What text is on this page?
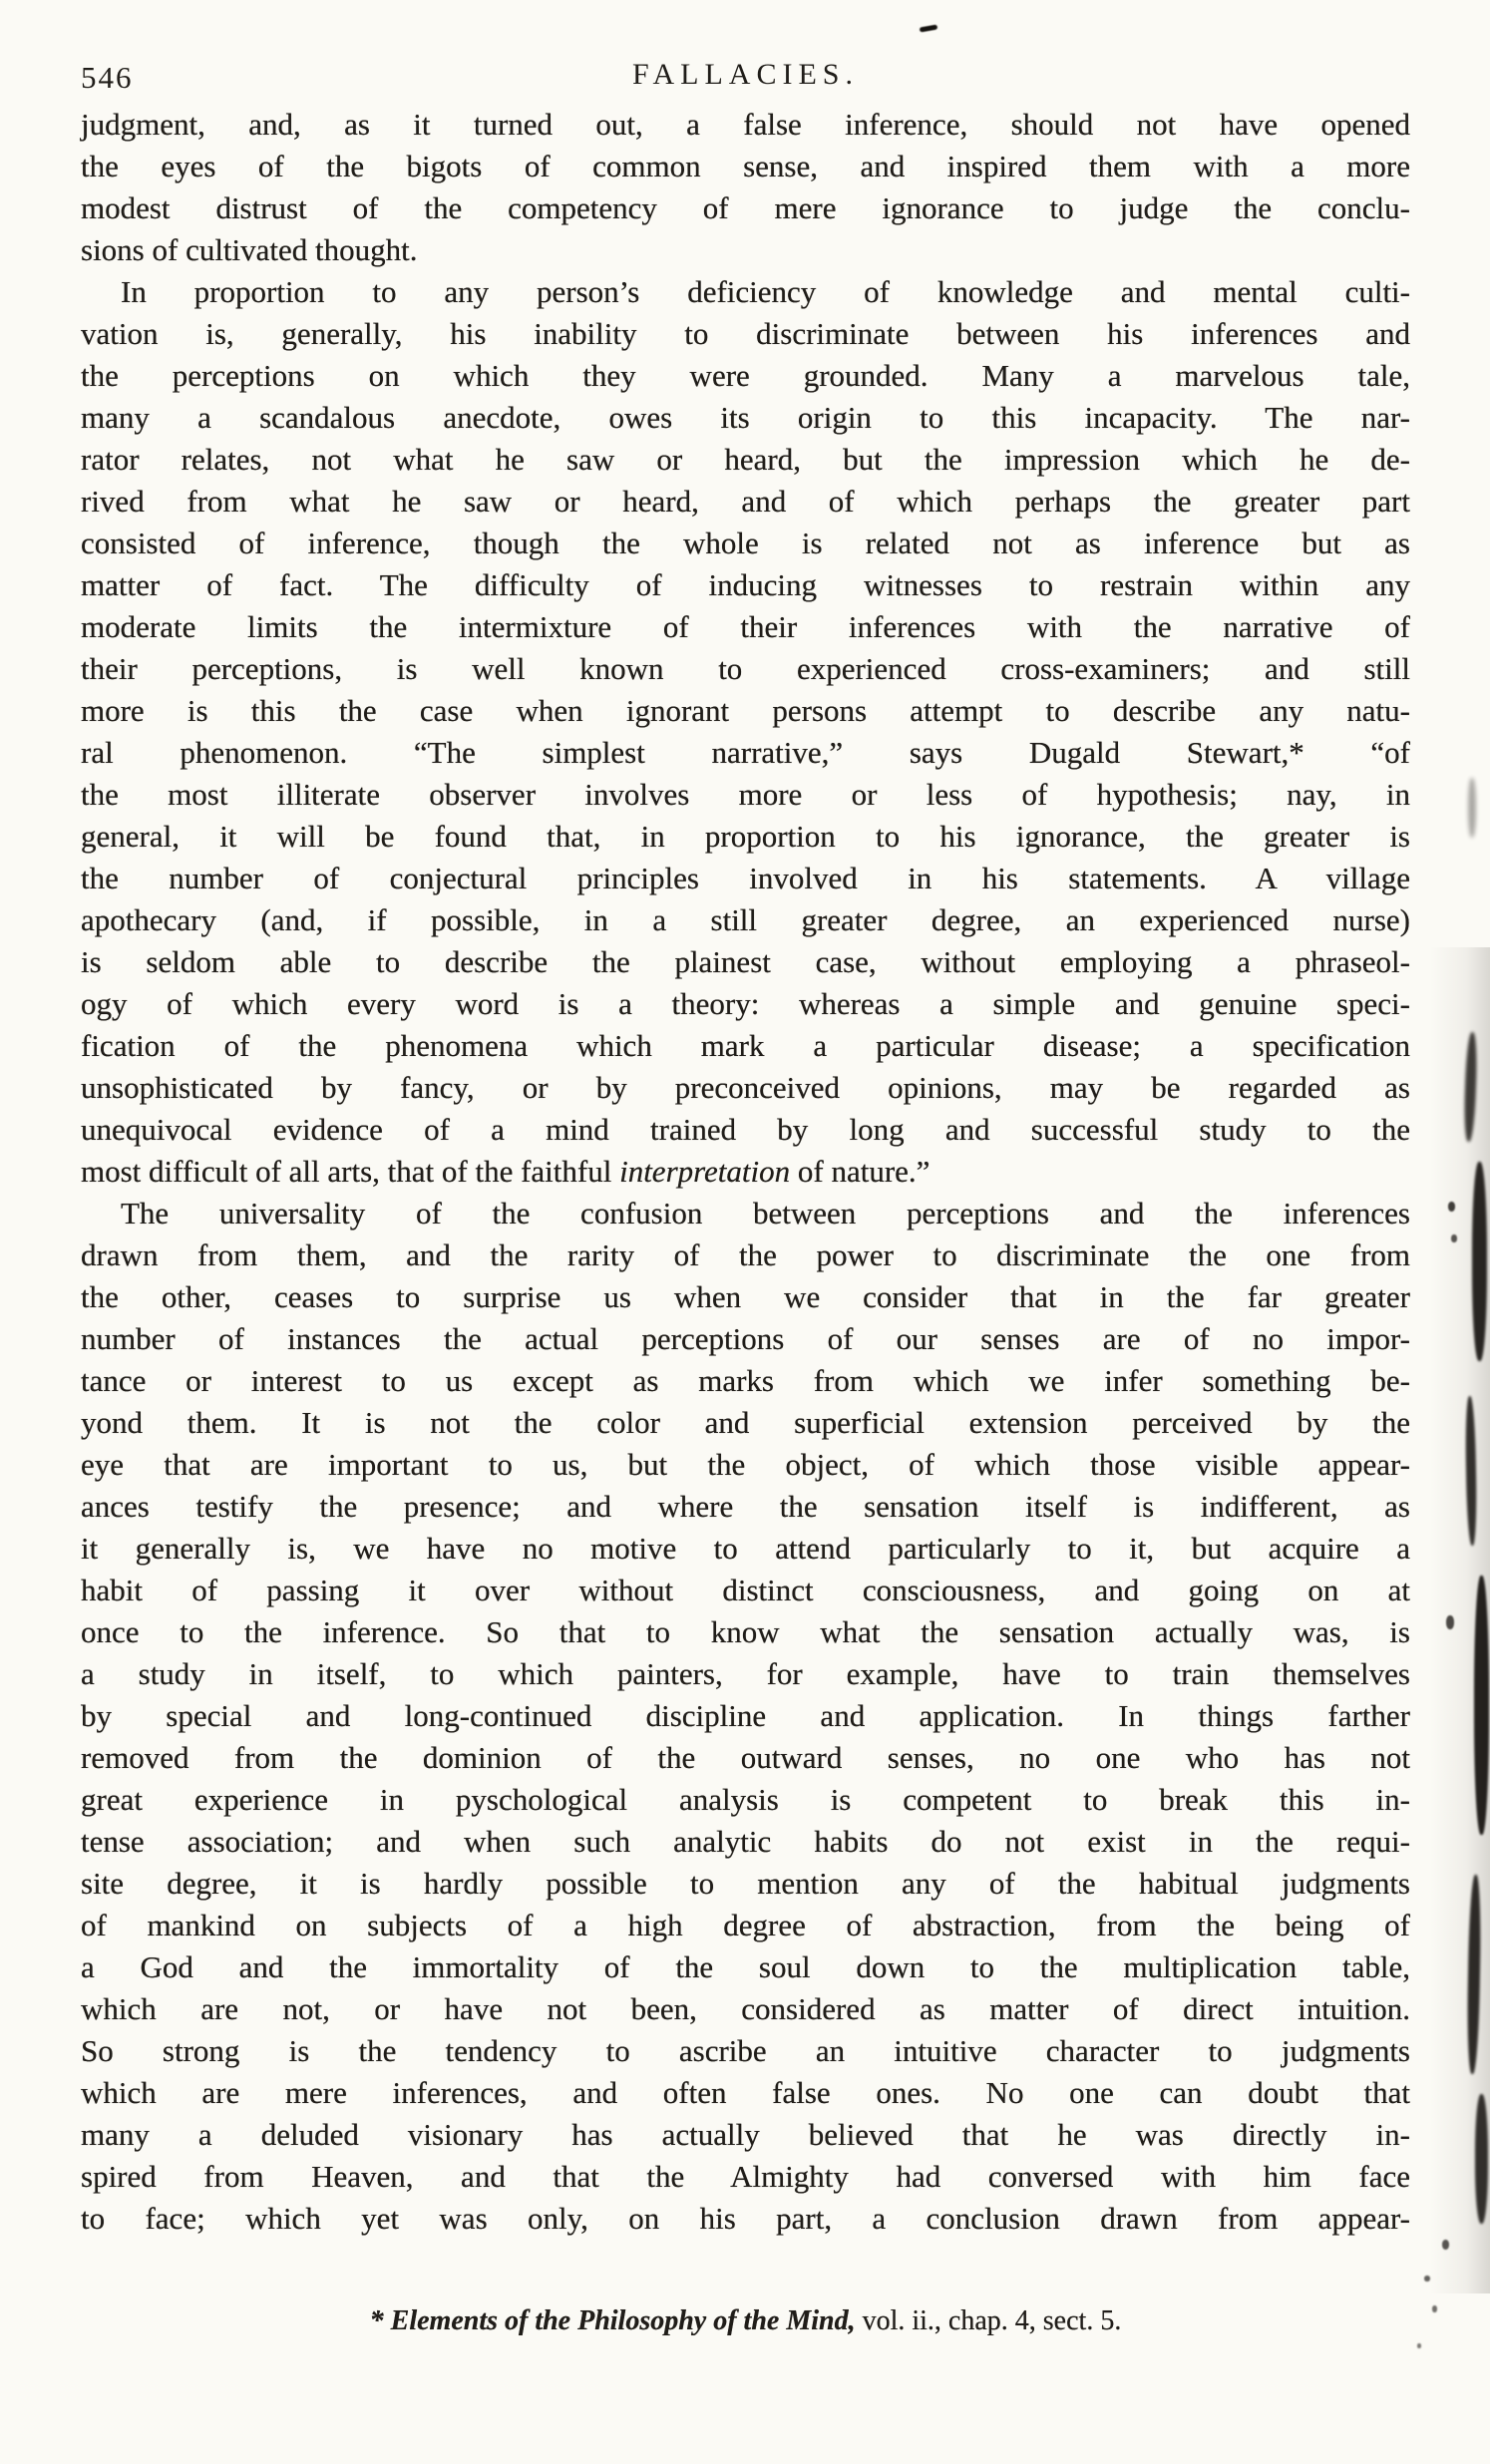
546	FALLACIES.
judgment, and, as it turned out, a false inference, should not have opened
the eyes of the bigots of common sense, and inspired them with a more
modest distrust of the competency of mere ignorance to judge the conclu-
sions of cultivated thought.
In proportion to any person’s deficiency of knowledge and mental culti-
vation is, generally, his inability to discriminate between his inferences and
the perceptions on which they were grounded. Many a marvelous tale,
many a scandalous anecdote, owes its origin to this incapacity. The nar-
rator relates, not what he saw or heard, but the impression which he de-
rived from what he saw or heard, and of which perhaps the greater part
consisted of inference, though the whole is related not as inference but as
matter of fact. The difficulty of inducing witnesses to restrain within any
moderate limits the intermixture of their inferences with the narrative of
their perceptions, is well known to experienced cross-examiners; and still
more is this the case when ignorant persons attempt to describe any natu-
ral phenomenon. “The simplest narrative,” says Dugald Stewart,* “of
the most illiterate observer involves more or less of hypothesis; nay, in
general, it will be found that, in proportion to his ignorance, the greater is
the number of conjectural principles involved in his statements. A village
apothecary (and, if possible, in a still greater degree, an experienced nurse)
is seldom able to describe the plainest case, without employing a phraseol-
ogy of which every word is a theory: whereas a simple and genuine speci-
fication of the phenomena which mark a particular disease; a specification
unsophisticated by fancy, or by preconceived opinions, may be regarded as
unequivocal evidence of a mind trained by long and successful study to the
most difficult of all arts, that of the faithful interpretation of nature.”
The universality of the confusion between perceptions and the inferences
drawn from them, and the rarity of the power to discriminate the one from
the other, ceases to surprise us when we consider that in the far greater
number of instances the actual perceptions of our senses are of no impor-
tance or interest to us except as marks from which we infer something be-
yond them. It is not the color and superficial extension perceived by the
eye that are important to us, but the object, of which those visible appear-
ances testify the presence; and where the sensation itself is indifferent, as
it generally is, we have no motive to attend particularly to it, but acquire a
habit of passing it over without distinct consciousness, and going on at
once to the inference. So that to know what the sensation actually was, is
a study in itself, to which painters, for example, have to train themselves
by special and long-continued discipline and application. In things farther
removed from the dominion of the outward senses, no one who has not
great experience in pyschological analysis is competent to break this in-
tense association; and when such analytic habits do not exist in the requi-
site degree, it is hardly possible to mention any of the habitual judgments
of mankind on subjects of a high degree of abstraction, from the being of
a God and the immortality of the soul down to the multiplication table,
which are not, or have not been, considered as matter of direct intuition.
So strong is the tendency to ascribe an intuitive character to judgments
which are mere inferences, and often false ones. No one can doubt that
many a deluded visionary has actually believed that he was directly in-
spired from Heaven, and that the Almighty had conversed with him face
to face; which yet was only, on his part, a conclusion drawn from appear-
* Elements of the Philosophy of the Mind, vol. ii., chap. 4, sect. 5.
